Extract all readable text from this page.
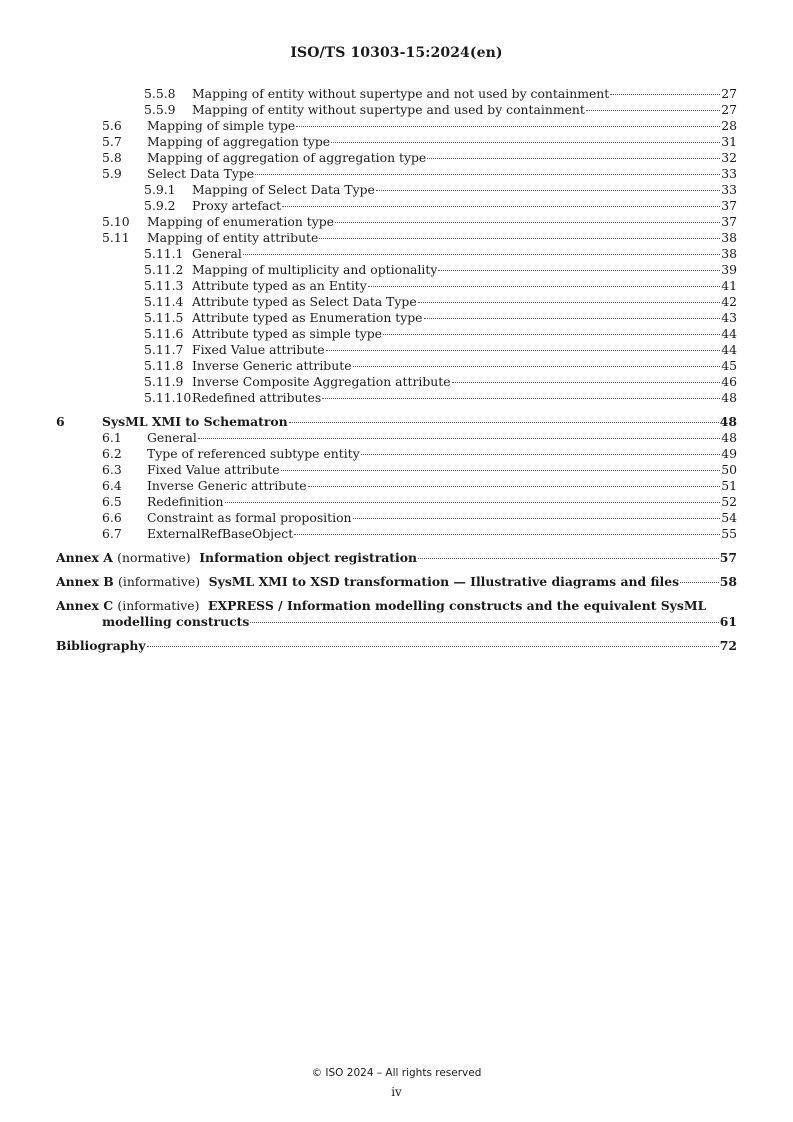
ISO/TS 10303-15:2024(en)
5.5.8	Mapping of entity without supertype and not used by containment	27
5.5.9	Mapping of entity without supertype and used by containment	27
5.6	Mapping of simple type	28
5.7	Mapping of aggregation type	31
5.8	Mapping of aggregation of aggregation type	32
5.9	Select Data Type	33
5.9.1	Mapping of Select Data Type	33
5.9.2	Proxy artefact	37
5.10	Mapping of enumeration type	37
5.11	Mapping of entity attribute	38
5.11.1 General	38
5.11.2 Mapping of multiplicity and optionality	39
5.11.3 Attribute typed as an Entity	41
5.11.4 Attribute typed as Select Data Type	42
5.11.5 Attribute typed as Enumeration type	43
5.11.6 Attribute typed as simple type	44
5.11.7 Fixed Value attribute	44
5.11.8 Inverse Generic attribute	45
5.11.9 Inverse Composite Aggregation attribute	46
5.11.10 Redefined attributes	48
6	SysML XMI to Schematron	48
6.1	General	48
6.2	Type of referenced subtype entity	49
6.3	Fixed Value attribute	50
6.4	Inverse Generic attribute	51
6.5	Redefinition	52
6.6	Constraint as formal proposition	54
6.7	ExternalRefBaseObject	55
Annex A (normative) Information object registration	57
Annex B (informative) SysML XMI to XSD transformation — Illustrative diagrams and files	58
Annex C (informative) EXPRESS / Information modelling constructs and the equivalent SysML
modelling constructs	61
Bibliography	72
© ISO 2024 – All rights reserved
iv
